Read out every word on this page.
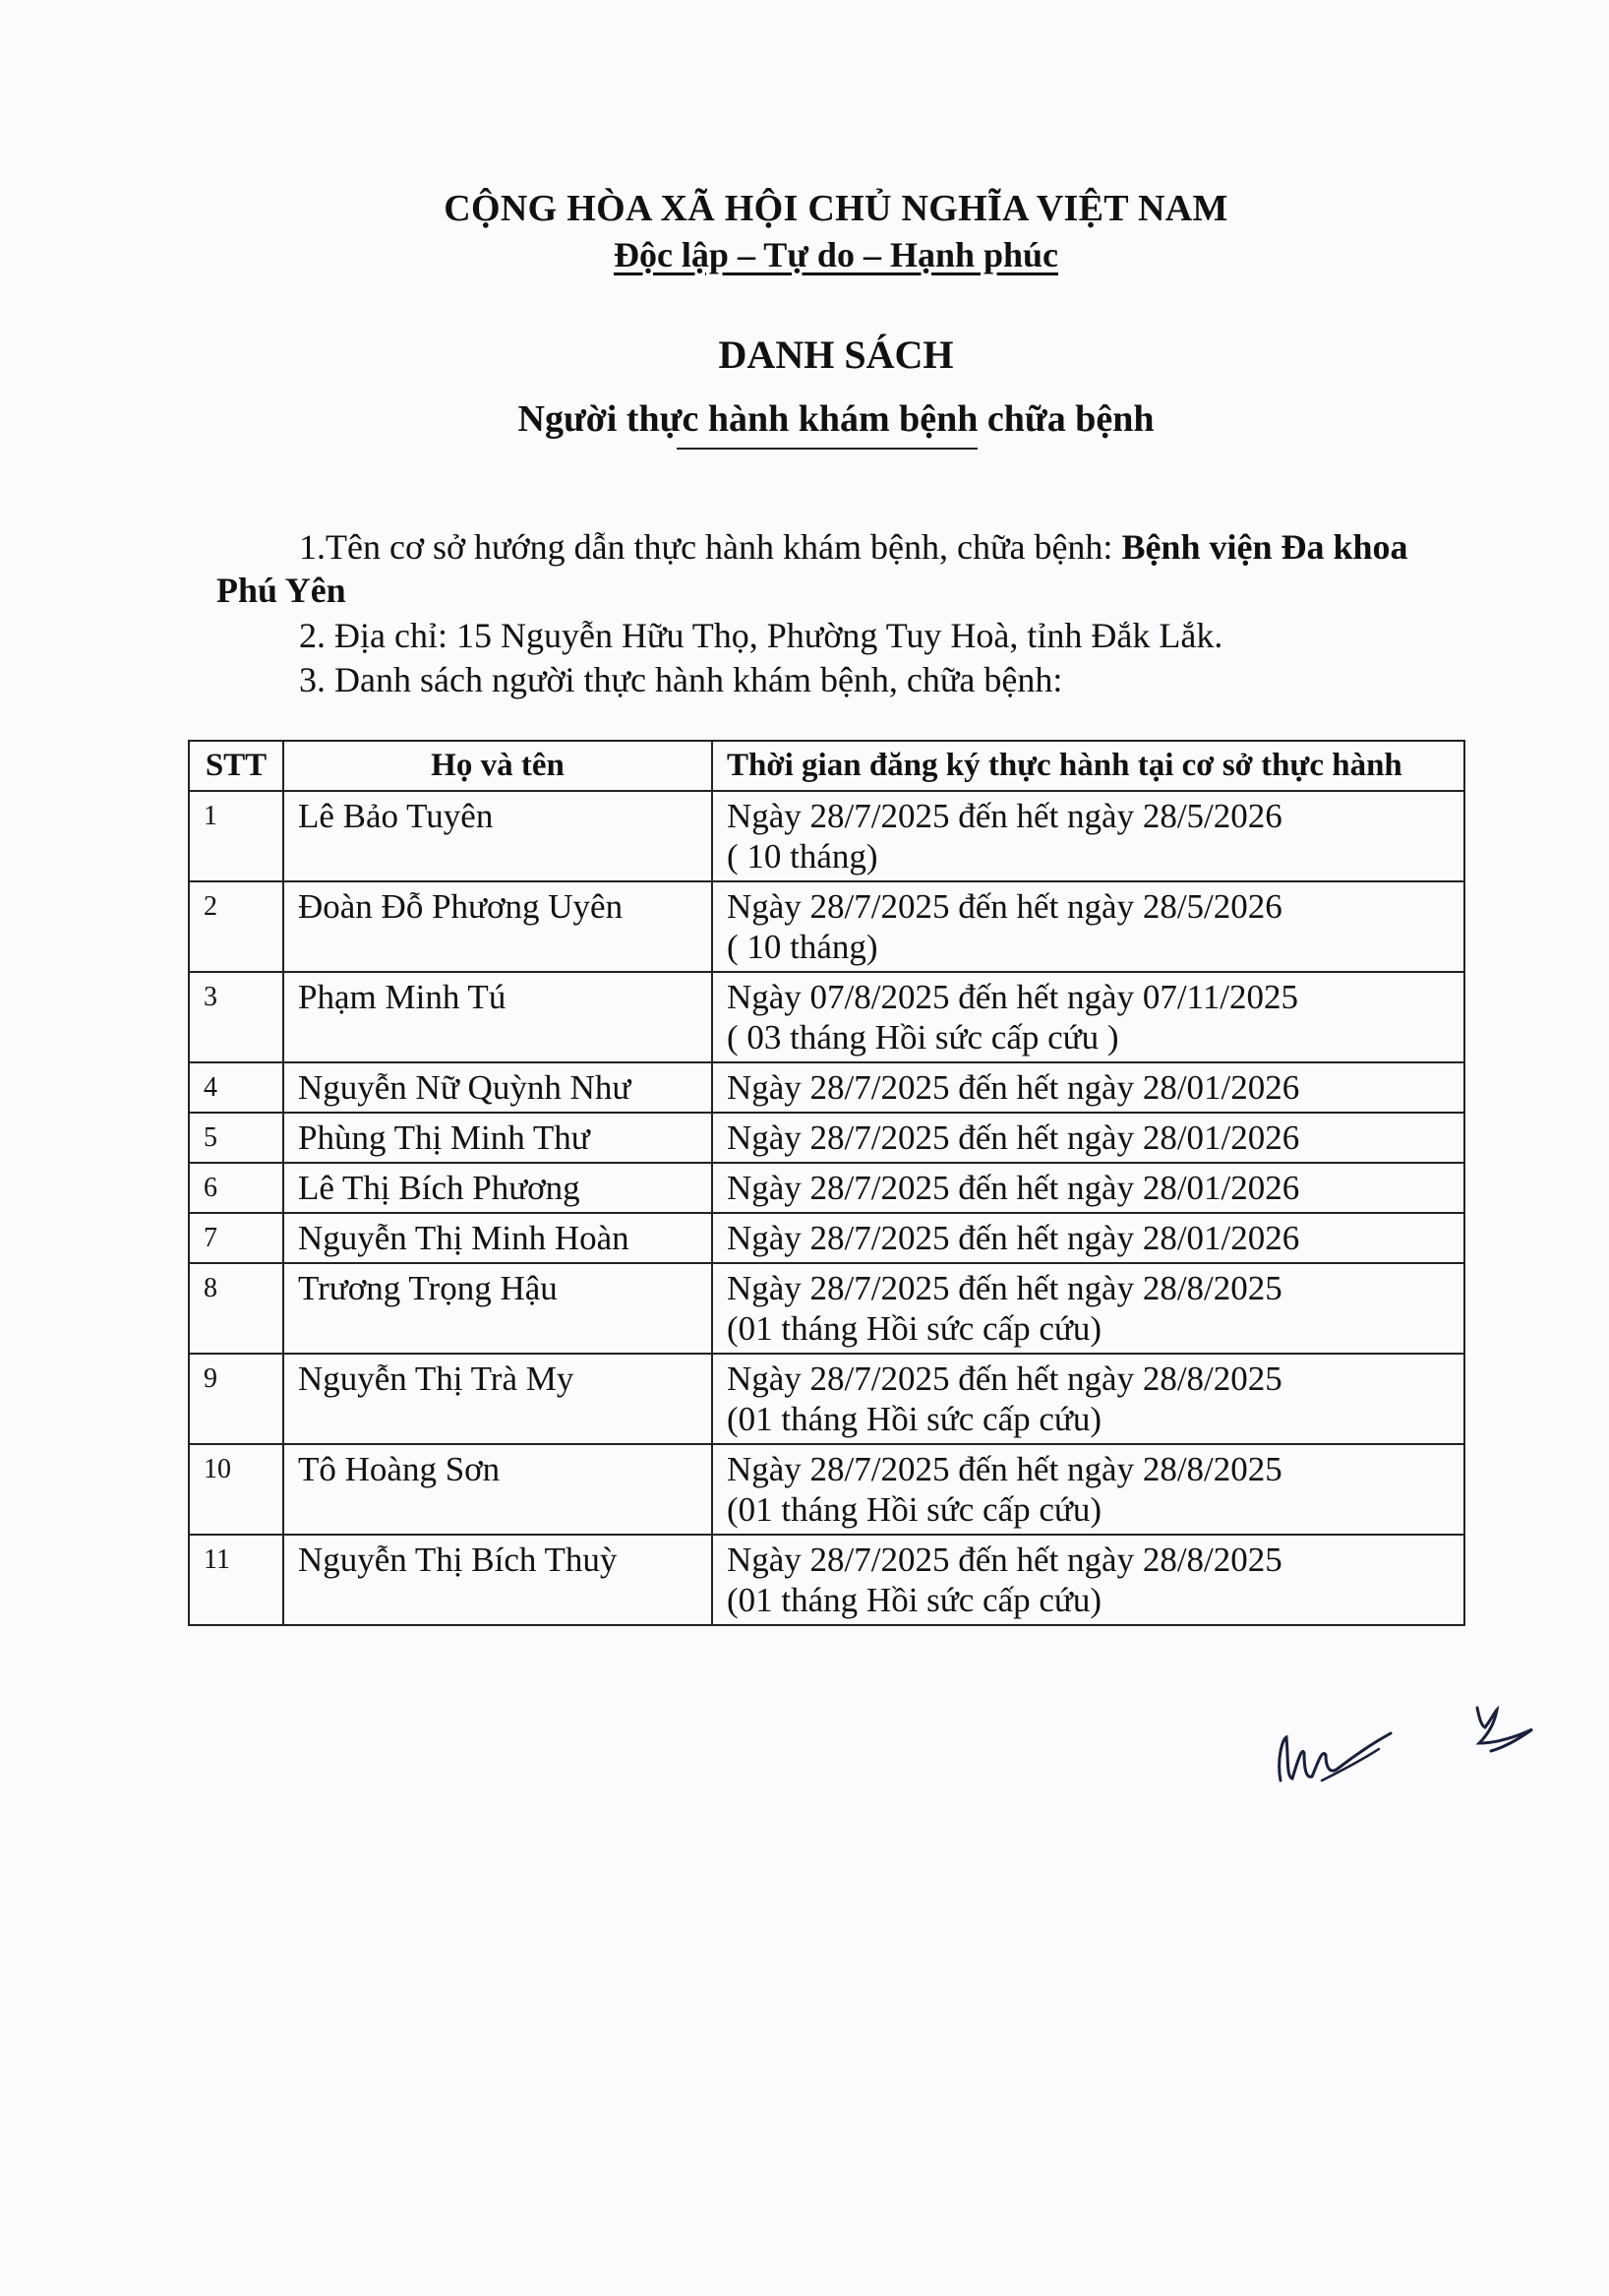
CỘNG HÒA XÃ HỘI CHỦ NGHĨA VIỆT NAM
Độc lập – Tự do – Hạnh phúc
DANH SÁCH
Người thực hành khám bệnh chữa bệnh
1.Tên cơ sở hướng dẫn thực hành khám bệnh, chữa bệnh: Bệnh viện Đa khoa Phú Yên
2. Địa chỉ: 15 Nguyễn Hữu Thọ, Phường Tuy Hoà, tỉnh Đắk Lắk.
3. Danh sách người thực hành khám bệnh, chữa bệnh:
STT	Họ và tên	Thời gian đăng ký thực hành tại cơ sở thực hành
1	Lê Bảo Tuyên	Ngày 28/7/2025 đến hết ngày 28/5/2026
( 10 tháng)

2	Đoàn Đỗ Phương Uyên	Ngày 28/7/2025 đến hết ngày 28/5/2026
( 10 tháng)

3	Phạm Minh Tú	Ngày 07/8/2025 đến hết ngày 07/11/2025
( 03 tháng Hồi sức cấp cứu )

4	Nguyễn Nữ Quỳnh Như	Ngày 28/7/2025 đến hết ngày 28/01/2026

5	Phùng Thị Minh Thư	Ngày 28/7/2025 đến hết ngày 28/01/2026

6	Lê Thị Bích Phương	Ngày 28/7/2025 đến hết ngày 28/01/2026

7	Nguyễn Thị Minh Hoàn	Ngày 28/7/2025 đến hết ngày 28/01/2026

8	Trương Trọng Hậu	Ngày 28/7/2025 đến hết ngày 28/8/2025
(01 tháng Hồi sức cấp cứu)

9	Nguyễn Thị Trà My	Ngày 28/7/2025 đến hết ngày 28/8/2025
(01 tháng Hồi sức cấp cứu)

10	Tô Hoàng Sơn	Ngày 28/7/2025 đến hết ngày 28/8/2025
(01 tháng Hồi sức cấp cứu)

11	Nguyễn Thị Bích Thuỳ	Ngày 28/7/2025 đến hết ngày 28/8/2025
(01 tháng Hồi sức cấp cứu)
